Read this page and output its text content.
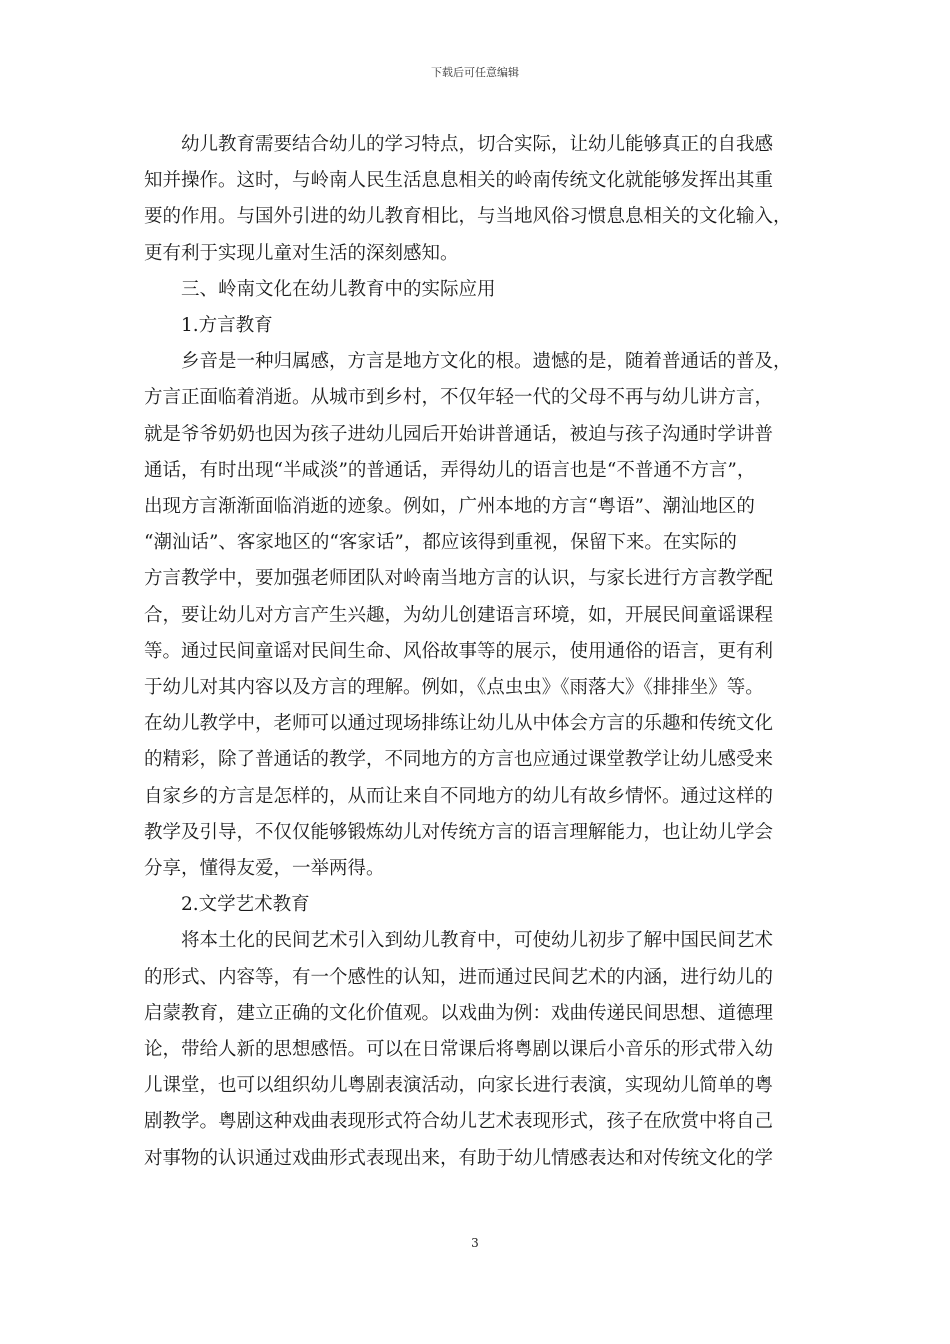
下载后可任意编辑

幼儿教育需要结合幼儿的学习特点，切合实际，让幼儿能够真正的自我感
知并操作。这时，与岭南人民生活息息相关的岭南传统文化就能够发挥出其重
要的作用。与国外引进的幼儿教育相比，与当地风俗习惯息息相关的文化输入，
更有利于实现儿童对生活的深刻感知。

三、岭南文化在幼儿教育中的实际应用

1.方言教育

乡音是一种归属感，方言是地方文化的根。遗憾的是，随着普通话的普及，
方言正面临着消逝。从城市到乡村，不仅年轻一代的父母不再与幼儿讲方言，
就是爷爷奶奶也因为孩子进幼儿园后开始讲普通话，被迫与孩子沟通时学讲普
通话，有时出现“半咸淡”的普通话，弄得幼儿的语言也是“不普通不方言”，
出现方言渐渐面临消逝的迹象。例如，广州本地的方言“粤语”、潮汕地区的
“潮汕话”、客家地区的“客家话”，都应该得到重视，保留下来。在实际的
方言教学中，要加强老师团队对岭南当地方言的认识，与家长进行方言教学配
合，要让幼儿对方言产生兴趣，为幼儿创建语言环境，如，开展民间童谣课程
等。通过民间童谣对民间生命、风俗故事等的展示，使用通俗的语言，更有利
于幼儿对其内容以及方言的理解。例如，《点虫虫》《雨落大》《排排坐》等。
在幼儿教学中，老师可以通过现场排练让幼儿从中体会方言的乐趣和传统文化
的精彩，除了普通话的教学，不同地方的方言也应通过课堂教学让幼儿感受来
自家乡的方言是怎样的，从而让来自不同地方的幼儿有故乡情怀。通过这样的
教学及引导，不仅仅能够锻炼幼儿对传统方言的语言理解能力，也让幼儿学会
分享，懂得友爱，一举两得。

2.文学艺术教育

将本土化的民间艺术引入到幼儿教育中，可使幼儿初步了解中国民间艺术
的形式、内容等，有一个感性的认知，进而通过民间艺术的内涵，进行幼儿的
启蒙教育，建立正确的文化价值观。以戏曲为例：戏曲传递民间思想、道德理
论，带给人新的思想感悟。可以在日常课后将粤剧以课后小音乐的形式带入幼
儿课堂，也可以组织幼儿粤剧表演活动，向家长进行表演，实现幼儿简单的粤
剧教学。粤剧这种戏曲表现形式符合幼儿艺术表现形式，孩子在欣赏中将自己
对事物的认识通过戏曲形式表现出来，有助于幼儿情感表达和对传统文化的学

3
